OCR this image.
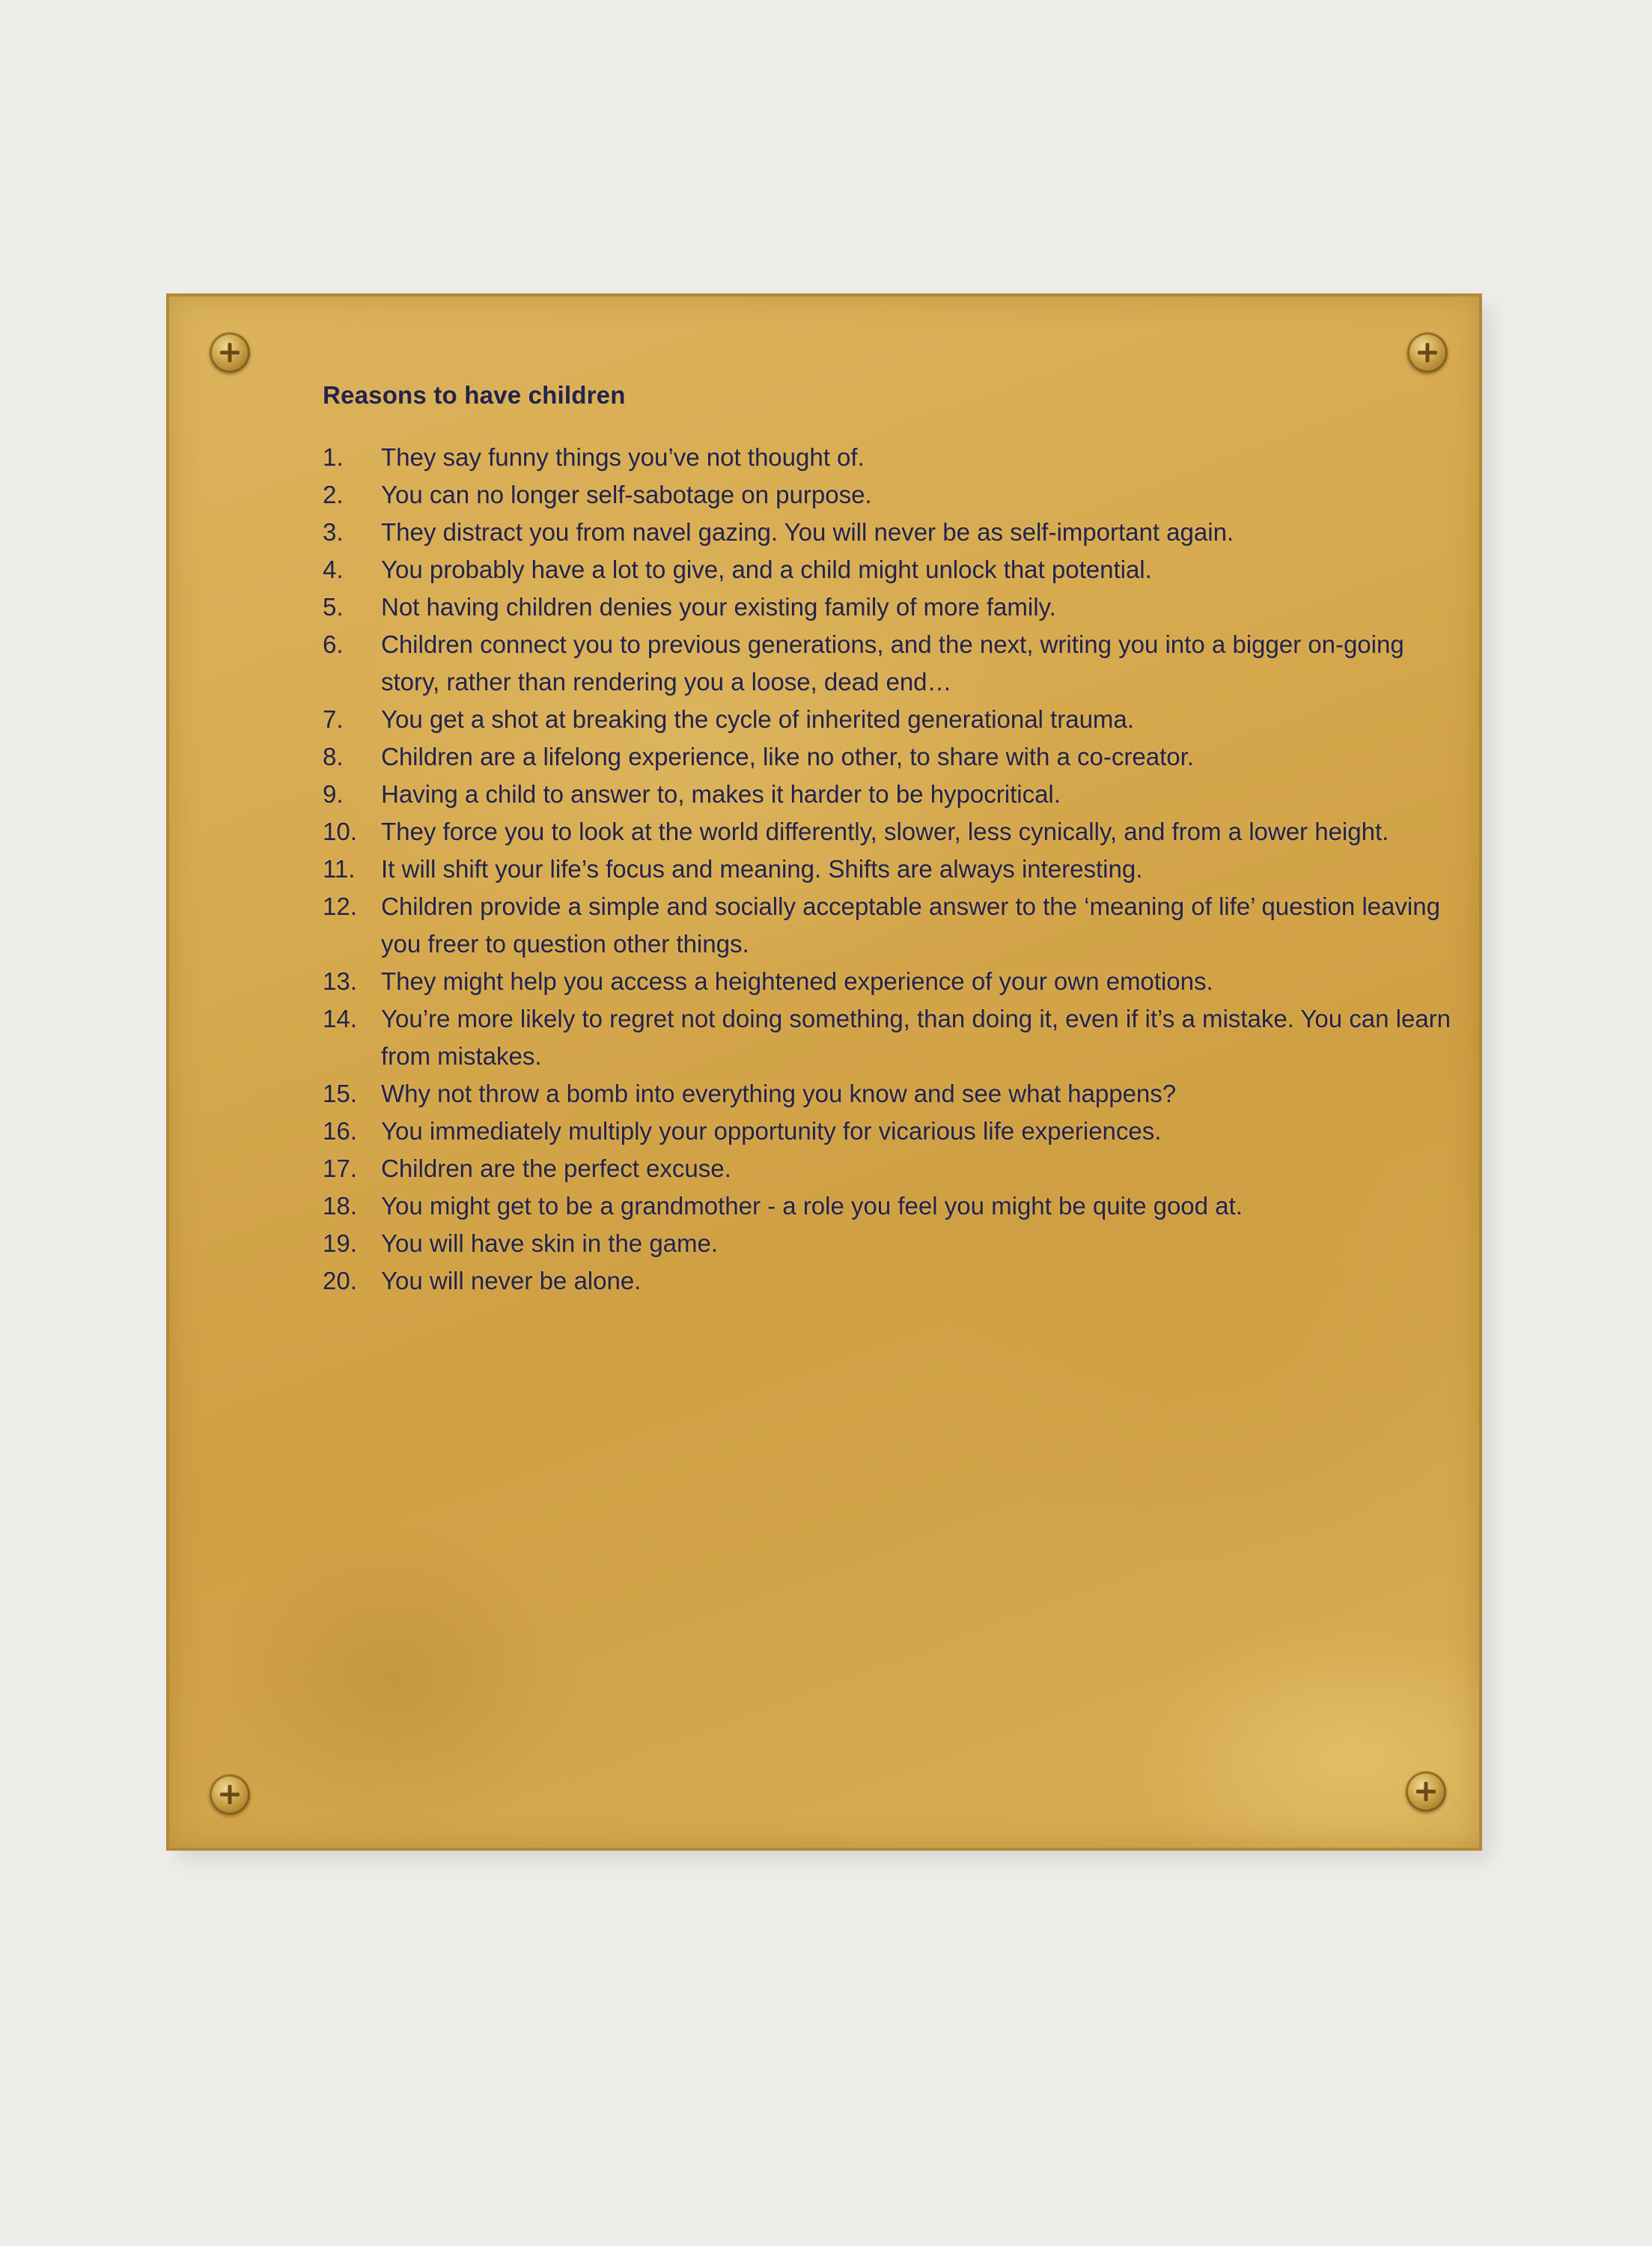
Reasons to have children
1.	They say funny things you’ve not thought of.
2.	You can no longer self-sabotage on purpose.
3.	They distract you from navel gazing. You will never be as self-important again.
4.	You probably have a lot to give, and a child might unlock that potential.
5.	Not having children denies your existing family of more family.
6.	Children connect you to previous generations, and the next, writing you into a bigger on-going story, rather than rendering you a loose, dead end…
7.	You get a shot at breaking the cycle of inherited generational trauma.
8.	Children are a lifelong experience, like no other, to share with a co-creator.
9.	Having a child to answer to, makes it harder to be hypocritical.
10. They force you to look at the world differently, slower, less cynically, and from a lower height.
11.	It will shift your life’s focus and meaning. Shifts are always interesting.
12. Children provide a simple and socially acceptable answer to the ‘meaning of life’ question leaving you freer to question other things.
13. They might help you access a heightened experience of your own emotions.
14. You’re more likely to regret not doing something, than doing it, even if it’s a mistake. You can learn from mistakes.
15. Why not throw a bomb into everything you know and see what happens?
16. You immediately multiply your opportunity for vicarious life experiences.
17. Children are the perfect excuse.
18. You might get to be a grandmother - a role you feel you might be quite good at.
19. You will have skin in the game.
20. You will never be alone.
